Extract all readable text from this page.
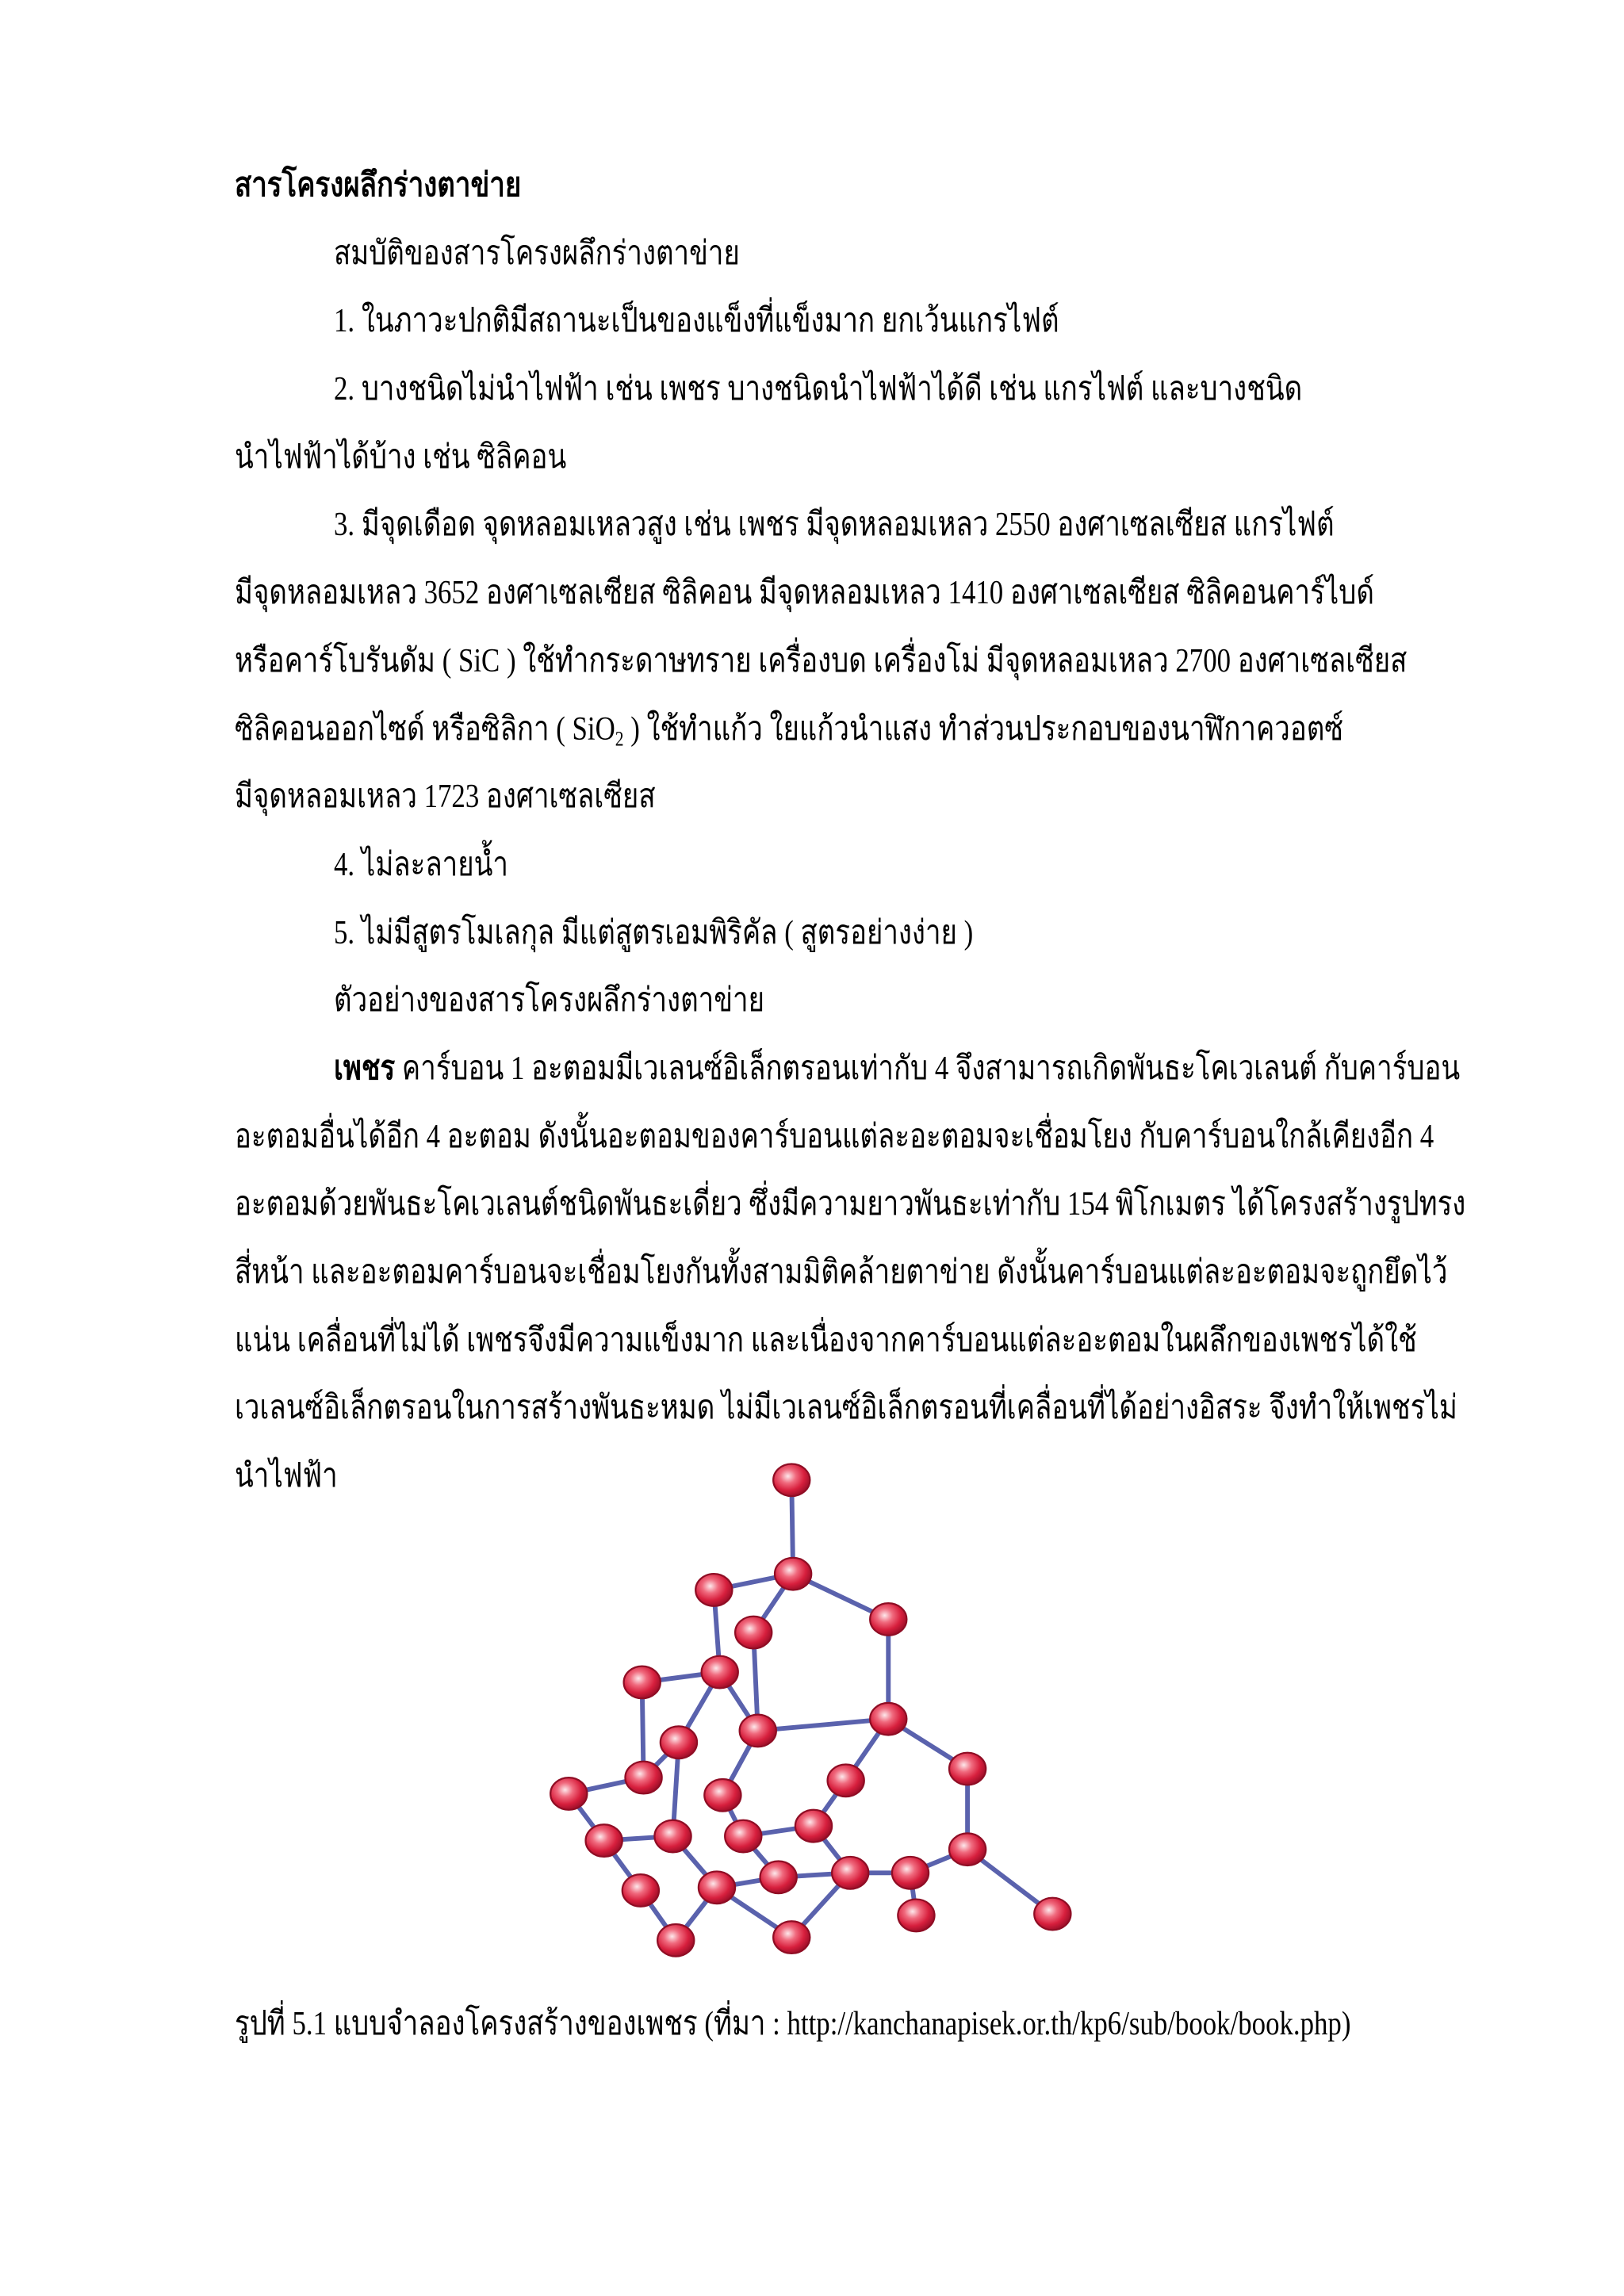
สารโครงผลึกร่างตาข่าย
สมบัติของสารโครงผลึกร่างตาข่าย
1. ในภาวะปกติมีสถานะเป็นของแข็งที่แข็งมาก ยกเว้นแกรไฟต์
2. บางชนิดไม่นำไฟฟ้า เช่น เพชร บางชนิดนำไฟฟ้าได้ดี เช่น แกรไฟต์ และบางชนิด
นำไฟฟ้าได้บ้าง เช่น ซิลิคอน
3. มีจุดเดือด จุดหลอมเหลวสูง เช่น เพชร มีจุดหลอมเหลว 2550 องศาเซลเซียส แกรไฟต์
มีจุดหลอมเหลว 3652 องศาเซลเซียส ซิลิคอน มีจุดหลอมเหลว 1410 องศาเซลเซียส ซิลิคอนคาร์ไบด์
หรือคาร์โบรันดัม ( SiC ) ใช้ทำกระดาษทราย เครื่องบด เครื่องโม่ มีจุดหลอมเหลว 2700 องศาเซลเซียส
ซิลิคอนออกไซด์ หรือซิลิกา ( SiO$_2$ ) ใช้ทำแก้ว ใยแก้วนำแสง ทำส่วนประกอบของนาฬิกาควอตซ์
มีจุดหลอมเหลว 1723 องศาเซลเซียส
4. ไม่ละลายน้ำ
5. ไม่มีสูตรโมเลกุล มีแต่สูตรเอมพิริคัล ( สูตรอย่างง่าย )
ตัวอย่างของสารโครงผลึกร่างตาข่าย
เพชร คาร์บอน 1 อะตอมมีเวเลนซ์อิเล็กตรอนเท่ากับ 4 จึงสามารถเกิดพันธะโคเวเลนต์ กับคาร์บอน
อะตอมอื่นได้อีก 4 อะตอม ดังนั้นอะตอมของคาร์บอนแต่ละอะตอมจะเชื่อมโยง กับคาร์บอนใกล้เคียงอีก 4
อะตอมด้วยพันธะโคเวเลนต์ชนิดพันธะเดี่ยว ซึ่งมีความยาวพันธะเท่ากับ 154 พิโกเมตร ได้โครงสร้างรูปทรง
สี่หน้า และอะตอมคาร์บอนจะเชื่อมโยงกันทั้งสามมิติคล้ายตาข่าย ดังนั้นคาร์บอนแต่ละอะตอมจะถูกยึดไว้
แน่น เคลื่อนที่ไม่ได้ เพชรจึงมีความแข็งมาก และเนื่องจากคาร์บอนแต่ละอะตอมในผลึกของเพชรได้ใช้
เวเลนซ์อิเล็กตรอนในการสร้างพันธะหมด ไม่มีเวเลนซ์อิเล็กตรอนที่เคลื่อนที่ได้อย่างอิสระ จึงทำให้เพชรไม่
นำไฟฟ้า
รูปที่ 5.1 แบบจำลองโครงสร้างของเพชร (ที่มา : http://kanchanapisek.or.th/kp6/sub/book/book.php)
